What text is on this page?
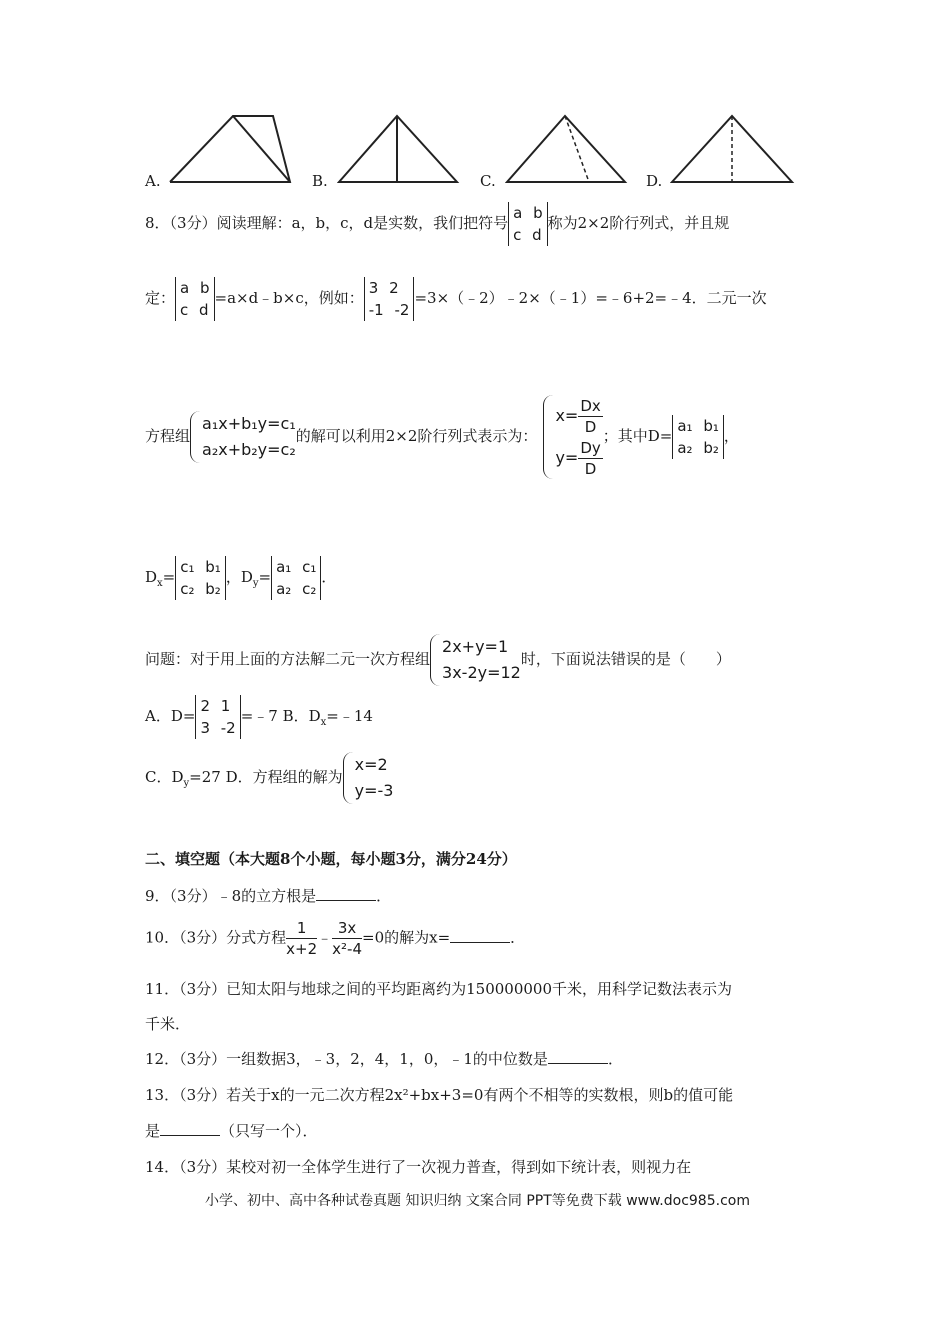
A.	B.	C.	D.
8．（3分）阅读理解：a，b，c，d是实数，我们把符号
a b
c d
称为2×2阶行列式，并且规
定：
a b
c d
=a×d﹣b×c，例如：
3 2
-1 -2
=3×（﹣2）﹣2×（﹣1）=﹣6+2=﹣4．二元一次
方程组
a₁x+b₁y=c₁
a₂x+b₂y=c₂
的解可以利用2×2阶行列式表示为：
$x= \frac{Dx}{D}$
$y= \frac{Dy}{D}$
；其中D=
a₁ b₁
a₂ b₂
，
$D_x=$
c₁ b₁
c₂ b₂
，$D_y=$
a₁ c₁
a₂ c₂
．
问题：对于用上面的方法解二元一次方程组
2x+y=1
3x-2y=12
时，下面说法错误的是（　　）
A．D=
2 1
3 -2
=﹣7 B．$D_x=﹣14$
C．$D_y=27$ D．方程组的解为
x=2
y=-3
二、填空题（本大题8个小题，每小题3分，满分24分）
9．（3分）﹣8的立方根是	．
10．（3分）分式方程 $\frac{1}{x+2}$ ﹣ $\frac{3x}{\text{x²-4}} =0$的解为x=	．
11．（3分）已知太阳与地球之间的平均距离约为150000000千米，用科学记数法表示为
千米．
12．（3分）一组数据3，﹣3，2，4，1，0，﹣1的中位数是	．
13．（3分）若关于x的一元二次方程2x²+bx+3=0有两个不相等的实数根，则b的值可能
是	（只写一个）．
14．（3分）某校对初一全体学生进行了一次视力普查，得到如下统计表，则视力在
小学、初中、高中各种试卷真题 知识归纳 文案合同 PPT等免费下载 www.doc985.com
